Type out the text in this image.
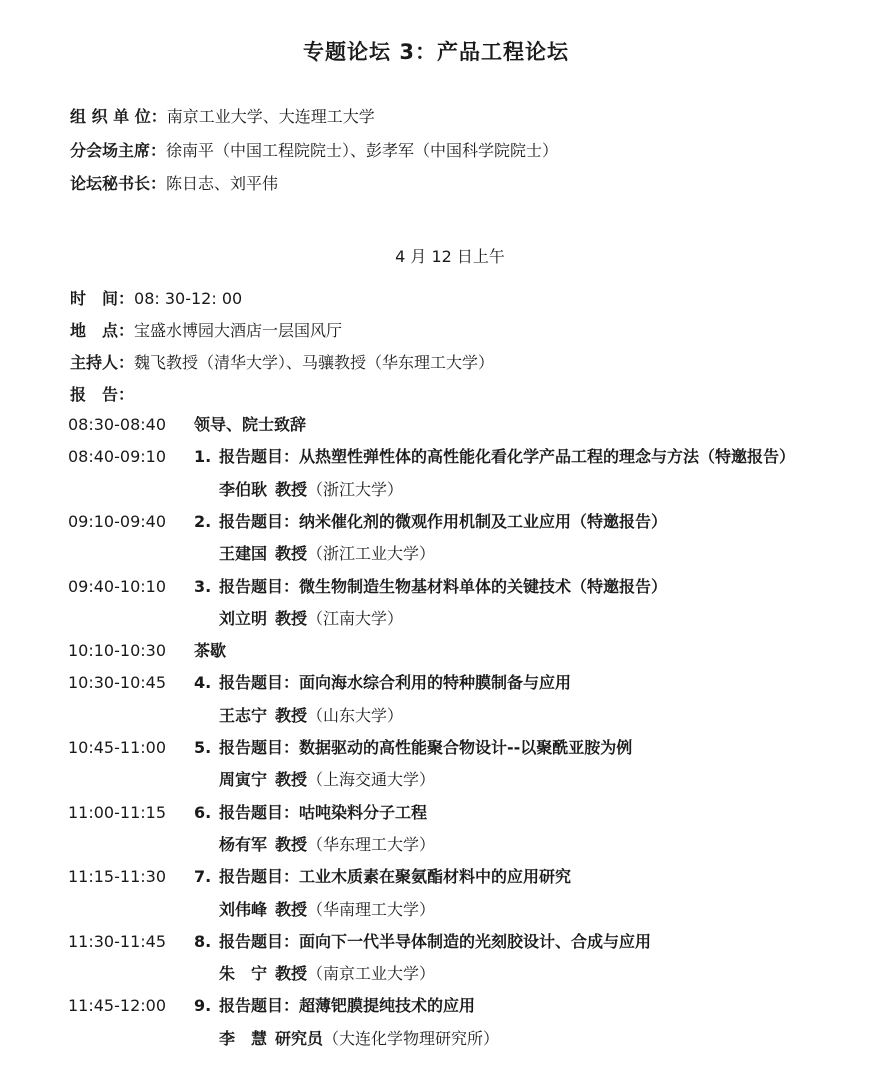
专题论坛 3：产品工程论坛
组 织 单 位：南京工业大学、大连理工大学
分会场主席：徐南平（中国工程院院士）、彭孝军（中国科学院院士）
论坛秘书长：陈日志、刘平伟
4 月 12 日上午
时　间：08: 30-12: 00
地　点：宝盛水博园大酒店一层国风厅
主持人：魏飞教授（清华大学）、马骧教授（华东理工大学）
报　告：
08:30-08:40 领导、院士致辞
08:40-09:10 1. 报告题目：从热塑性弹性体的高性能化看化学产品工程的理念与方法（特邀报告）
李伯耿  教授（浙江大学）
09:10-09:40 2. 报告题目：纳米催化剂的微观作用机制及工业应用（特邀报告）
王建国  教授（浙江工业大学）
09:40-10:10 3. 报告题目：微生物制造生物基材料单体的关键技术（特邀报告）
刘立明  教授（江南大学）
10:10-10:30 茶歇
10:30-10:45 4. 报告题目：面向海水综合利用的特种膜制备与应用
王志宁  教授（山东大学）
10:45-11:00 5. 报告题目：数据驱动的高性能聚合物设计--以聚酰亚胺为例
周寅宁  教授（上海交通大学）
11:00-11:15 6. 报告题目：咕吨染料分子工程
杨有军  教授（华东理工大学）
11:15-11:30 7. 报告题目：工业木质素在聚氨酯材料中的应用研究
刘伟峰  教授（华南理工大学）
11:30-11:45 8. 报告题目：面向下一代半导体制造的光刻胶设计、合成与应用
朱　宁  教授（南京工业大学）
11:45-12:00 9. 报告题目：超薄钯膜提纯技术的应用
李　慧  研究员（大连化学物理研究所）
